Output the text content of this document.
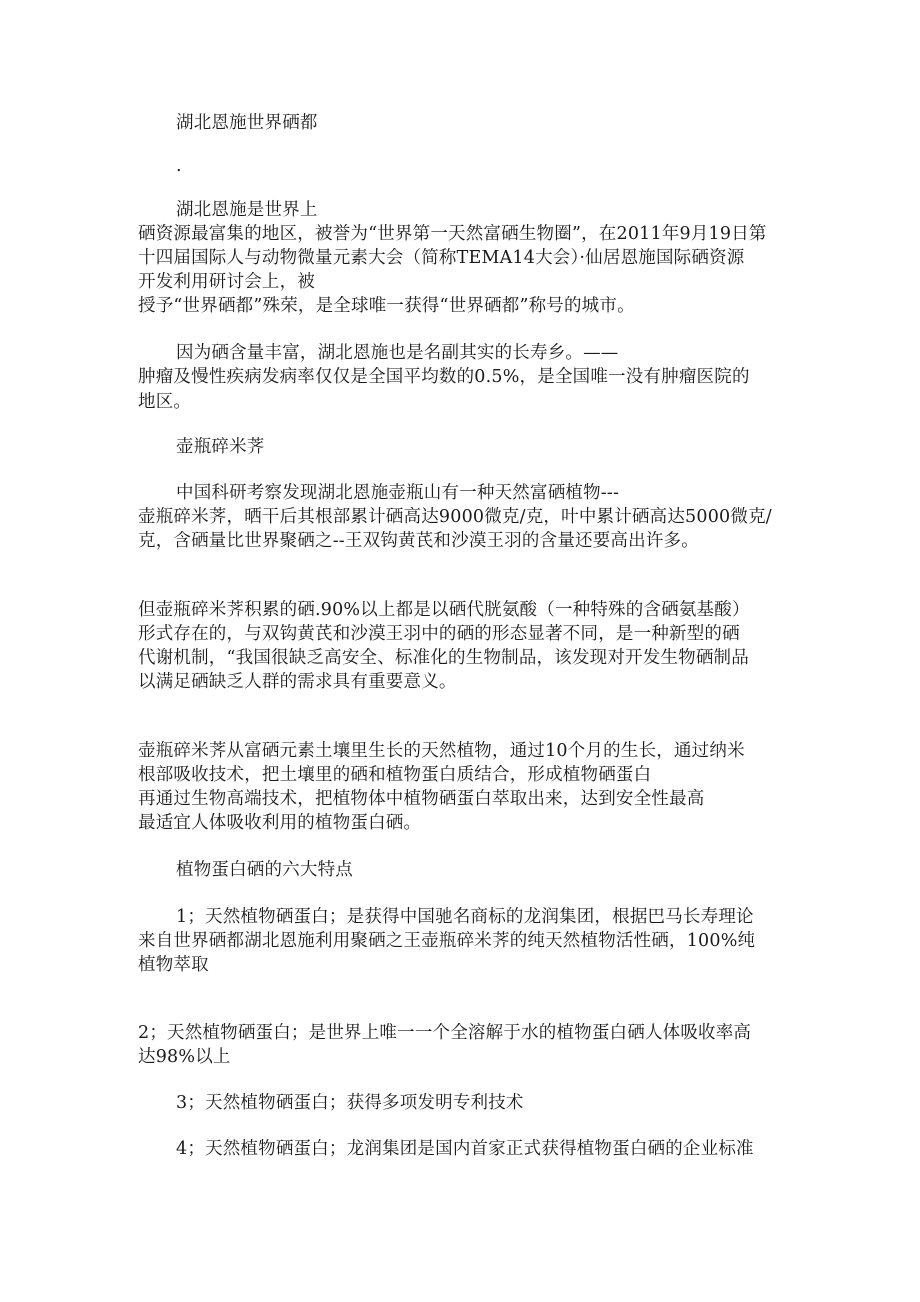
湖北恩施世界硒都
.
湖北恩施是世界上
硒资源最富集的地区，被誉为“世界第一天然富硒生物圈”，在2011年9月19日第
十四届国际人与动物微量元素大会（简称TEMA14大会）·仙居恩施国际硒资源
开发利用研讨会上，被
授予“世界硒都”殊荣，是全球唯一获得“世界硒都”称号的城市。
因为硒含量丰富，湖北恩施也是名副其实的长寿乡。——
肿瘤及慢性疾病发病率仅仅是全国平均数的0.5%，是全国唯一没有肿瘤医院的
地区。
壶瓶碎米荠
中国科研考察发现湖北恩施壶瓶山有一种天然富硒植物---
壶瓶碎米荠，晒干后其根部累计硒高达9000微克/克，叶中累计硒高达5000微克/
克，含硒量比世界聚硒之--王双钩黄芪和沙漠王羽的含量还要高出许多。
但壶瓶碎米荠积累的硒.90%以上都是以硒代胱氨酸（一种特殊的含硒氨基酸）
形式存在的，与双钩黄芪和沙漠王羽中的硒的形态显著不同，是一种新型的硒
代谢机制，“我国很缺乏高安全、标准化的生物制品，该发现对开发生物硒制品
以满足硒缺乏人群的需求具有重要意义。
壶瓶碎米荠从富硒元素土壤里生长的天然植物，通过10个月的生长，通过纳米
根部吸收技术，把土壤里的硒和植物蛋白质结合，形成植物硒蛋白
再通过生物高端技术，把植物体中植物硒蛋白萃取出来，达到安全性最高
最适宜人体吸收利用的植物蛋白硒。
植物蛋白硒的六大特点
1；天然植物硒蛋白；是获得中国驰名商标的龙润集团，根据巴马长寿理论
来自世界硒都湖北恩施利用聚硒之王壶瓶碎米荠的纯天然植物活性硒，100%纯
植物萃取
2；天然植物硒蛋白；是世界上唯一一个全溶解于水的植物蛋白硒人体吸收率高
达98%以上
3；天然植物硒蛋白；获得多项发明专利技术
4；天然植物硒蛋白；龙润集团是国内首家正式获得植物蛋白硒的企业标准
